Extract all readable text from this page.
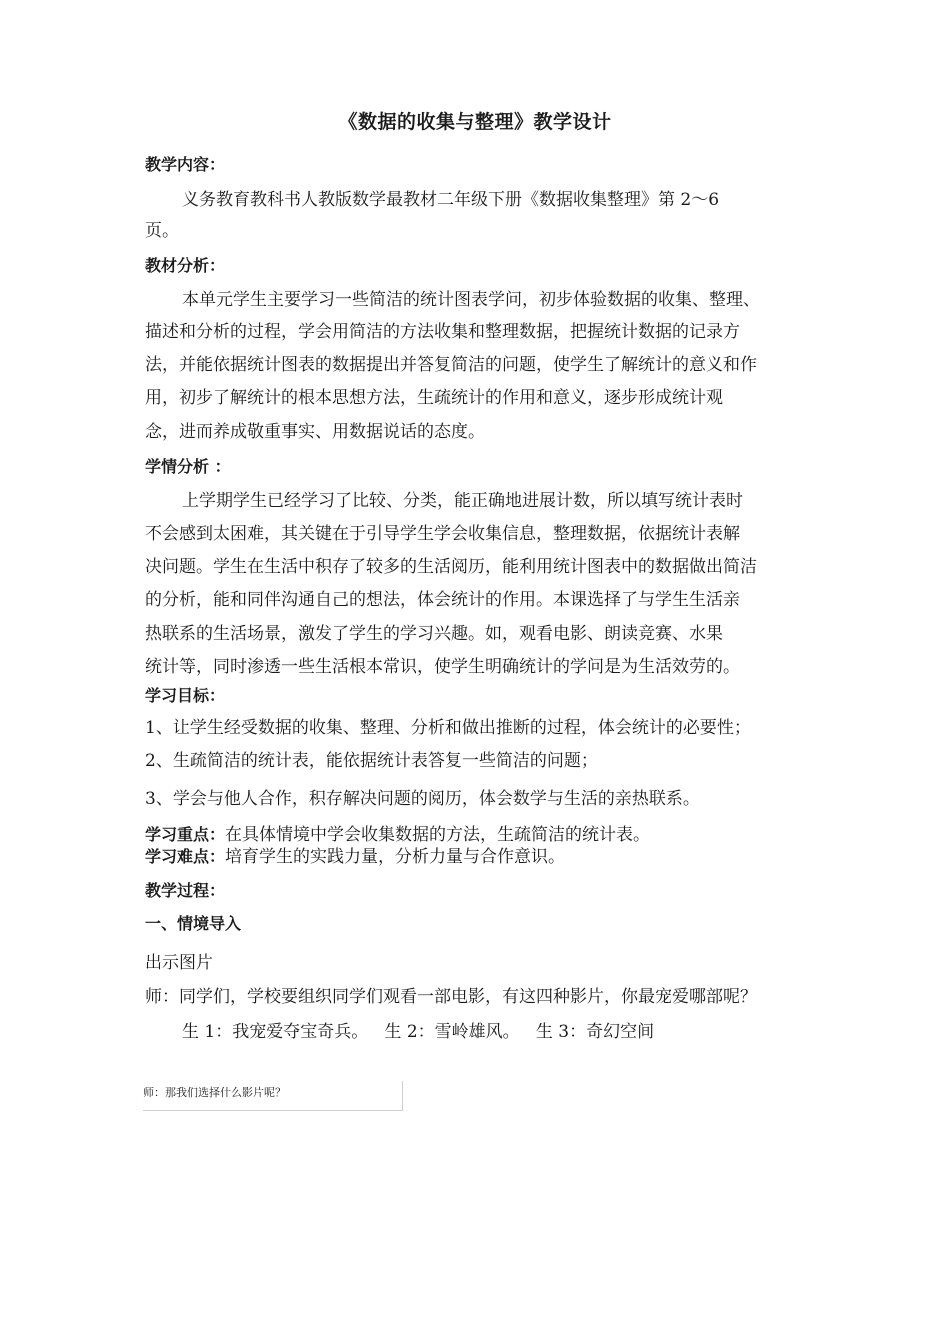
《数据的收集与整理》教学设计
教学内容：
义务教育教科书人教版数学最教材二年级下册《数据收集整理》第 2～6
页。
教材分析：
本单元学生主要学习一些简洁的统计图表学问，初步体验数据的收集、整理、
描述和分析的过程，学会用简洁的方法收集和整理数据，把握统计数据的记录方
法，并能依据统计图表的数据提出并答复简洁的问题，使学生了解统计的意义和作
用，初步了解统计的根本思想方法，生疏统计的作用和意义，逐步形成统计观
念，进而养成敬重事实、用数据说话的态度。
学情分析 ：
上学期学生已经学习了比较、分类，能正确地进展计数，所以填写统计表时
不会感到太困难，其关键在于引导学生学会收集信息，整理数据，依据统计表解
决问题。学生在生活中积存了较多的生活阅历，能利用统计图表中的数据做出简洁
的分析，能和同伴沟通自己的想法，体会统计的作用。本课选择了与学生生活亲
热联系的生活场景，激发了学生的学习兴趣。如，观看电影、朗读竞赛、水果
统计等，同时渗透一些生活根本常识，使学生明确统计的学问是为生活效劳的。
学习目标：
1、让学生经受数据的收集、整理、分析和做出推断的过程，体会统计的必要性；
2、生疏简洁的统计表，能依据统计表答复一些简洁的问题；
3、学会与他人合作，积存解决问题的阅历，体会数学与生活的亲热联系。
学习重点：在具体情境中学会收集数据的方法，生疏简洁的统计表。
学习难点：培育学生的实践力量，分析力量与合作意识。
教学过程：
一、情境导入
出示图片
师：同学们，学校要组织同学们观看一部电影，有这四种影片，你最宠爱哪部呢？
生 1：我宠爱夺宝奇兵。   生 2：雪岭雄风。   生 3：奇幻空间
师：那我们选择什么影片呢？
